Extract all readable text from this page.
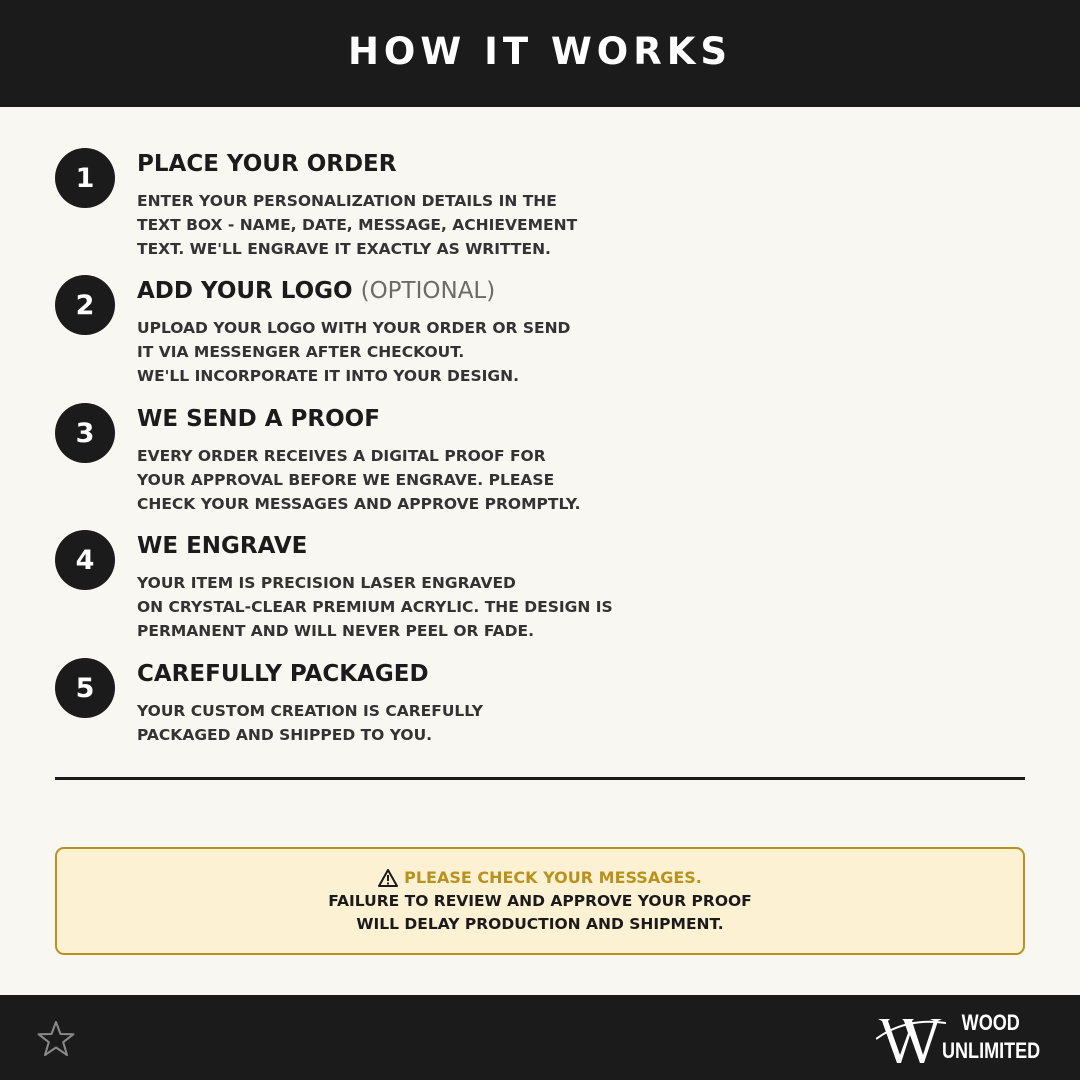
HOW IT WORKS
1	PLACE YOUR ORDER
ENTER YOUR PERSONALIZATION DETAILS IN THE
TEXT BOX - NAME, DATE, MESSAGE, ACHIEVEMENT
TEXT. WE'LL ENGRAVE IT EXACTLY AS WRITTEN.
2	ADD YOUR LOGO (OPTIONAL)
UPLOAD YOUR LOGO WITH YOUR ORDER OR SEND
IT VIA MESSENGER AFTER CHECKOUT.
WE'LL INCORPORATE IT INTO YOUR DESIGN.
3	WE SEND A PROOF
EVERY ORDER RECEIVES A DIGITAL PROOF FOR
YOUR APPROVAL BEFORE WE ENGRAVE. PLEASE
CHECK YOUR MESSAGES AND APPROVE PROMPTLY.
4	WE ENGRAVE
YOUR ITEM IS PRECISION LASER ENGRAVED
ON CRYSTAL-CLEAR PREMIUM ACRYLIC. THE DESIGN IS
PERMANENT AND WILL NEVER PEEL OR FADE.
5	CAREFULLY PACKAGED
YOUR CUSTOM CREATION IS CAREFULLY
PACKAGED AND SHIPPED TO YOU.
PLEASE CHECK YOUR MESSAGES.
FAILURE TO REVIEW AND APPROVE YOUR PROOF
WILL DELAY PRODUCTION AND SHIPMENT.
WOOD
UNLIMITED
